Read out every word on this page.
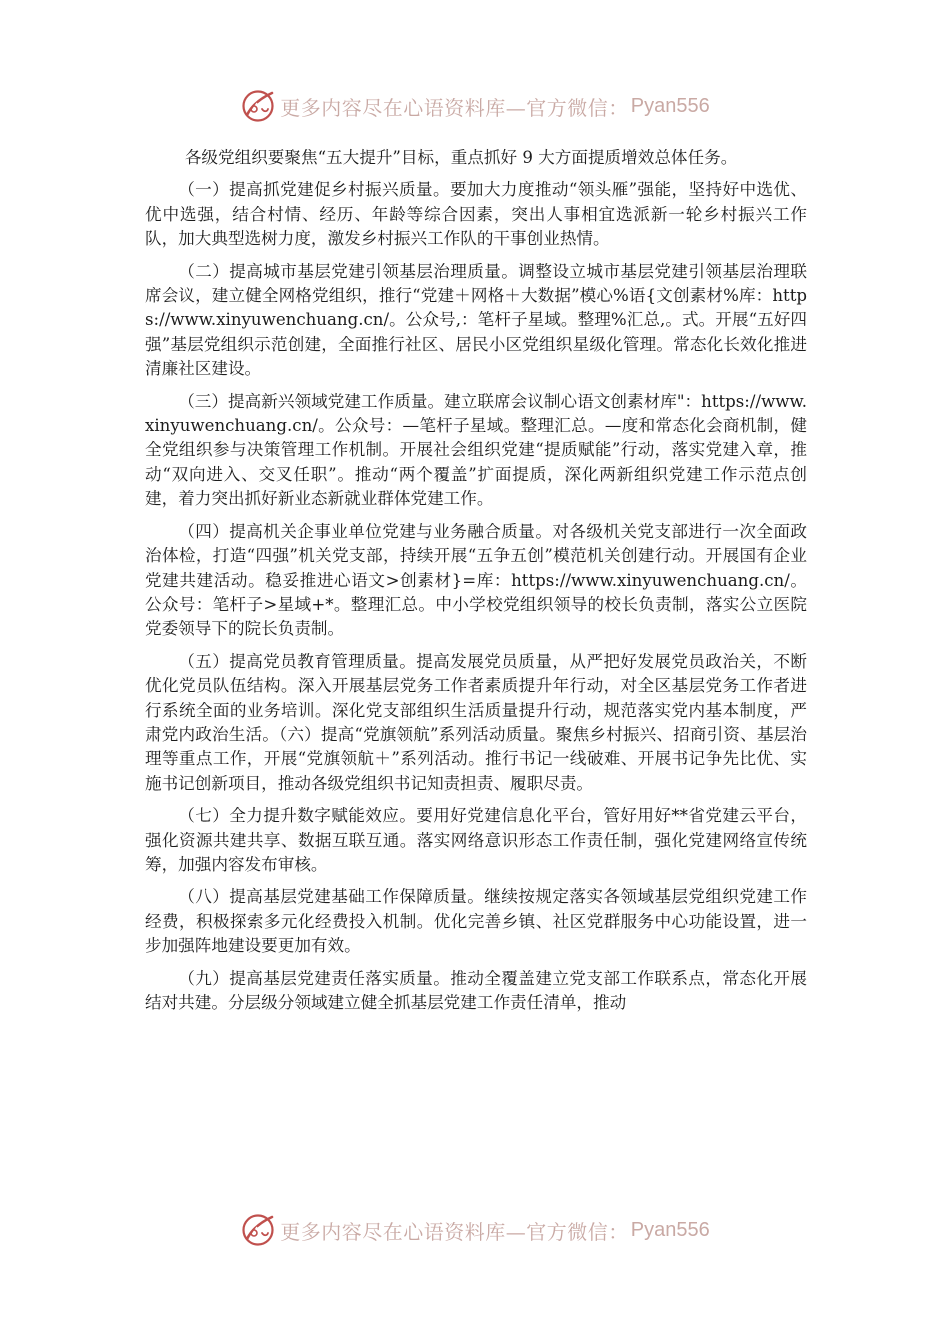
更多内容尽在心语资料库—官方微信： Pyan556

各级党组织要聚焦“五大提升”目标，重点抓好 9 大方面提质增效总体任务。

（一）提高抓党建促乡村振兴质量。要加大力度推动“领头雁”强能，坚持好中选优、优中选强，结合村情、经历、年龄等综合因素，突出人事相宜选派新一轮乡村振兴工作队，加大典型选树力度，激发乡村振兴工作队的干事创业热情。

（二）提高城市基层党建引领基层治理质量。调整设立城市基层党建引领基层治理联席会议，建立健全网格党组织，推行“党建＋网格＋大数据”模心%语{文创素材%库：https://www.xinyuwenchuang.cn/。公众号,：笔杆子星域。整理%汇总,。式。开展“五好四强”基层党组织示范创建，全面推行社区、居民小区党组织星级化管理。常态化长效化推进清廉社区建设。

（三）提高新兴领域党建工作质量。建立联席会议制心语文创素材库"：https://www.xinyuwenchuang.cn/。公众号：—笔杆子星域。整理汇总。—度和常态化会商机制，健全党组织参与决策管理工作机制。开展社会组织党建“提质赋能”行动，落实党建入章，推动“双向进入、交叉任职”。推动“两个覆盖”扩面提质，深化两新组织党建工作示范点创建，着力突出抓好新业态新就业群体党建工作。

（四）提高机关企事业单位党建与业务融合质量。对各级机关党支部进行一次全面政治体检，打造“四强”机关党支部，持续开展“五争五创”模范机关创建行动。开展国有企业党建共建活动。稳妥推进心语文>创素材}=库：https://www.xinyuwenchuang.cn/。公众号：笔杆子>星域+*。整理汇总。中小学校党组织领导的校长负责制，落实公立医院党委领导下的院长负责制。

（五）提高党员教育管理质量。提高发展党员质量，从严把好发展党员政治关，不断优化党员队伍结构。深入开展基层党务工作者素质提升年行动，对全区基层党务工作者进行系统全面的业务培训。深化党支部组织生活质量提升行动，规范落实党内基本制度，严肃党内政治生活。（六）提高“党旗领航”系列活动质量。聚焦乡村振兴、招商引资、基层治理等重点工作，开展“党旗领航＋”系列活动。推行书记一线破难、开展书记争先比优、实施书记创新项目，推动各级党组织书记知责担责、履职尽责。

（七）全力提升数字赋能效应。要用好党建信息化平台，管好用好**省党建云平台，强化资源共建共享、数据互联互通。落实网络意识形态工作责任制，强化党建网络宣传统筹，加强内容发布审核。

（八）提高基层党建基础工作保障质量。继续按规定落实各领域基层党组织党建工作经费，积极探索多元化经费投入机制。优化完善乡镇、社区党群服务中心功能设置，进一步加强阵地建设要更加有效。

（九）提高基层党建责任落实质量。推动全覆盖建立党支部工作联系点，常态化开展结对共建。分层级分领域建立健全抓基层党建工作责任清单，推动

更多内容尽在心语资料库—官方微信： Pyan556
